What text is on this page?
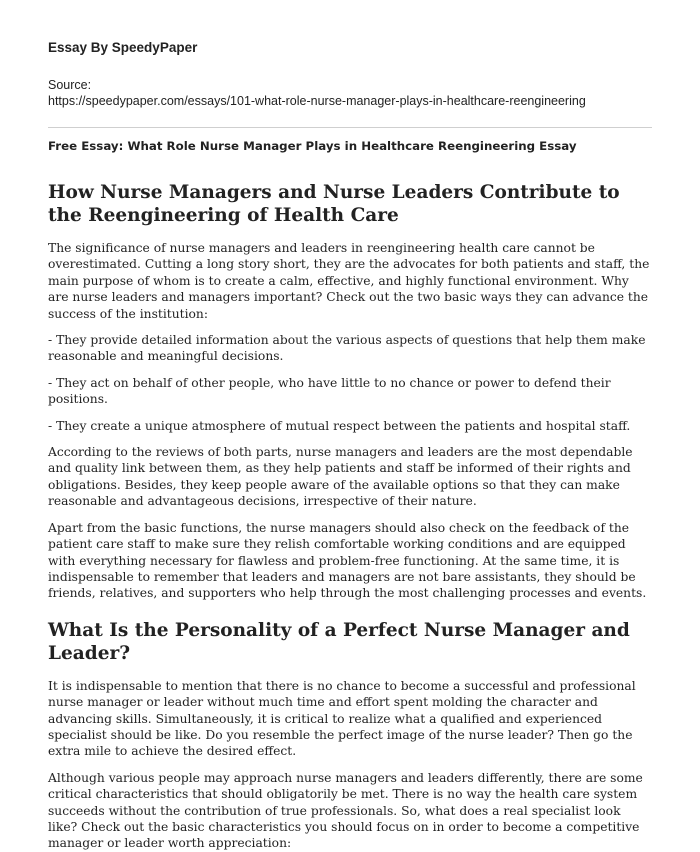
Essay By SpeedyPaper
Source:
https://speedypaper.com/essays/101-what-role-nurse-manager-plays-in-healthcare-reengineering
Free Essay: What Role Nurse Manager Plays in Healthcare Reengineering Essay
How Nurse Managers and Nurse Leaders Contribute to the Reengineering of Health Care

The significance of nurse managers and leaders in reengineering health care cannot be overestimated. Cutting a long story short, they are the advocates for both patients and staff, the main purpose of whom is to create a calm, effective, and highly functional environment. Why are nurse leaders and managers important? Check out the two basic ways they can advance the success of the institution:

- They provide detailed information about the various aspects of questions that help them make reasonable and meaningful decisions.

- They act on behalf of other people, who have little to no chance or power to defend their positions.

- They create a unique atmosphere of mutual respect between the patients and hospital staff.

According to the reviews of both parts, nurse managers and leaders are the most dependable and quality link between them, as they help patients and staff be informed of their rights and obligations. Besides, they keep people aware of the available options so that they can make reasonable and advantageous decisions, irrespective of their nature.

Apart from the basic functions, the nurse managers should also check on the feedback of the patient care staff to make sure they relish comfortable working conditions and are equipped with everything necessary for flawless and problem-free functioning. At the same time, it is indispensable to remember that leaders and managers are not bare assistants, they should be friends, relatives, and supporters who help through the most challenging processes and events.

What Is the Personality of a Perfect Nurse Manager and Leader?

It is indispensable to mention that there is no chance to become a successful and professional nurse manager or leader without much time and effort spent molding the character and advancing skills. Simultaneously, it is critical to realize what a qualified and experienced specialist should be like. Do you resemble the perfect image of the nurse leader? Then go the extra mile to achieve the desired effect.

Although various people may approach nurse managers and leaders differently, there are some critical characteristics that should obligatorily be met. There is no way the health care system succeeds without the contribution of true professionals. So, what does a real specialist look like? Check out the basic characteristics you should focus on in order to become a competitive manager or leader worth appreciation:
